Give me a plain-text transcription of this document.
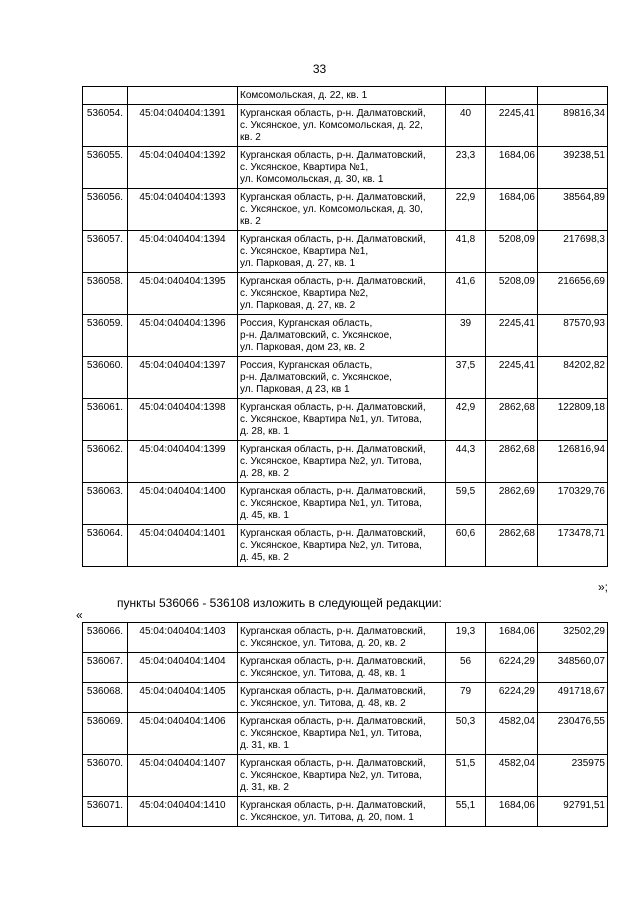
33
		Комсомольская, д. 22, кв. 1			
536054.	45:04:040404:1391	Курганская область, р-н. Далматовский,
с. Уксянское, ул. Комсомольская, д. 22,
кв. 2	40	2245,41	89816,34
536055.	45:04:040404:1392	Курганская область, р-н. Далматовский,
с. Уксянское, Квартира №1,
ул. Комсомольская, д. 30, кв. 1	23,3	1684,06	39238,51
536056.	45:04:040404:1393	Курганская область, р-н. Далматовский,
с. Уксянское, ул. Комсомольская, д. 30,
кв. 2	22,9	1684,06	38564,89
536057.	45:04:040404:1394	Курганская область, р-н. Далматовский,
с. Уксянское, Квартира №1,
ул. Парковая, д. 27, кв. 1	41,8	5208,09	217698,3
536058.	45:04:040404:1395	Курганская область, р-н. Далматовский,
с. Уксянское, Квартира №2,
ул. Парковая, д. 27, кв. 2	41,6	5208,09	216656,69
536059.	45:04:040404:1396	Россия, Курганская область,
р-н. Далматовский, с. Уксянское,
ул. Парковая, дом 23, кв. 2	39	2245,41	87570,93
536060.	45:04:040404:1397	Россия, Курганская область,
р-н. Далматовский, с. Уксянское,
ул. Парковая, д 23, кв 1	37,5	2245,41	84202,82
536061.	45:04:040404:1398	Курганская область, р-н. Далматовский,
с. Уксянское, Квартира №1, ул. Титова,
д. 28, кв. 1	42,9	2862,68	122809,18
536062.	45:04:040404:1399	Курганская область, р-н. Далматовский,
с. Уксянское, Квартира №2, ул. Титова,
д. 28, кв. 2	44,3	2862,68	126816,94
536063.	45:04:040404:1400	Курганская область, р-н. Далматовский,
с. Уксянское, Квартира №1, ул. Титова,
д. 45, кв. 1	59,5	2862,69	170329,76
536064.	45:04:040404:1401	Курганская область, р-н. Далматовский,
с. Уксянское, Квартира №2, ул. Титова,
д. 45, кв. 2	60,6	2862,68	173478,71
»;
пункты 536066 - 536108 изложить в следующей редакции:
«
536066.	45:04:040404:1403	Курганская область, р-н. Далматовский,
с. Уксянское, ул. Титова, д. 20, кв. 2	19,3	1684,06	32502,29
536067.	45:04:040404:1404	Курганская область, р-н. Далматовский,
с. Уксянское, ул. Титова, д. 48, кв. 1	56	6224,29	348560,07
536068.	45:04:040404:1405	Курганская область, р-н. Далматовский,
с. Уксянское, ул. Титова, д. 48, кв. 2	79	6224,29	491718,67
536069.	45:04:040404:1406	Курганская область, р-н. Далматовский,
с. Уксянское, Квартира №1, ул. Титова,
д. 31, кв. 1	50,3	4582,04	230476,55
536070.	45:04:040404:1407	Курганская область, р-н. Далматовский,
с. Уксянское, Квартира №2, ул. Титова,
д. 31, кв. 2	51,5	4582,04	235975
536071.	45:04:040404:1410	Курганская область, р-н. Далматовский,
с. Уксянское, ул. Титова, д. 20, пом. 1	55,1	1684,06	92791,51
